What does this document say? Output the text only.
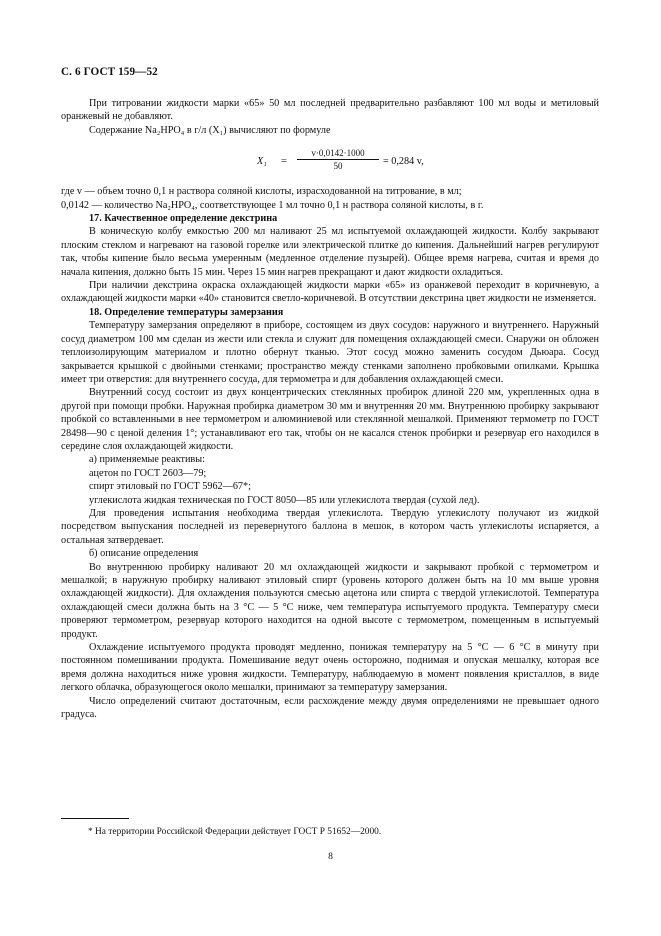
С. 6 ГОСТ 159—52

При титровании жидкости марки «65» 50 мл последней предварительно разбавляют 100 мл воды и метиловый оранжевый не добавляют.

Содержание Na₂HPO₄ в г/л (X₁) вычисляют по формуле

$X_1 = \frac{v\cdot 0,0142\cdot 1000}{50} = 0,284$ v,

где v — объем точно 0,1 н раствора соляной кислоты, израсходованной на титрование, в мл;

0,0142 — количество Na₂HPO₄, соответствующее 1 мл точно 0,1 н раствора соляной кислоты, в г.

17. Качественное определение декстрина

В коническую колбу емкостью 200 мл наливают 25 мл испытуемой охлаждающей жидкости. Колбу закрывают плоским стеклом и нагревают на газовой горелке или электрической плитке до кипения. Дальнейший нагрев регулируют так, чтобы кипение было весьма умеренным (медленное отделение пузырей). Общее время нагрева, считая и время до начала кипения, должно быть 15 мин. Через 15 мин нагрев прекращают и дают жидкости охладиться.

При наличии декстрина окраска охлаждающей жидкости марки «65» из оранжевой переходит в коричневую, а охлаждающей жидкости марки «40» становится светло-коричневой. В отсутствии декстрина цвет жидкости не изменяется.

18. Определение температуры замерзания

Температуру замерзания определяют в приборе, состоящем из двух сосудов: наружного и внутреннего. Наружный сосуд диаметром 100 мм сделан из жести или стекла и служит для помещения охлаждающей смеси. Снаружи он обложен теплоизолирующим материалом и плотно обернут тканью. Этот сосуд можно заменить сосудом Дьюара. Сосуд закрывается крышкой с двойными стенками; пространство между стенками заполнено пробковыми опилками. Крышка имеет три отверстия: для внутреннего сосуда, для термометра и для добавления охлаждающей смеси.

Внутренний сосуд состоит из двух концентрических стеклянных пробирок длиной 220 мм, укрепленных одна в другой при помощи пробки. Наружная пробирка диаметром 30 мм и внутренняя 20 мм. Внутреннюю пробирку закрывают пробкой со вставленными в нее термометром и алюминиевой или стеклянной мешалкой. Применяют термометр по ГОСТ 28498—90 с ценой деления 1°; устанавливают его так, чтобы он не касался стенок пробирки и резервуар его находился в середине слоя охлаждающей жидкости.

а) применяемые реактивы:

ацетон по ГОСТ 2603—79;

спирт этиловый по ГОСТ 5962—67*;

углекислота жидкая техническая по ГОСТ 8050—85 или углекислота твердая (сухой лед).

Для проведения испытания необходима твердая углекислота. Твердую углекислоту получают из жидкой посредством выпускания последней из перевернутого баллона в мешок, в котором часть углекислоты испаряется, а остальная затвердевает.

б) описание определения

Во внутреннюю пробирку наливают 20 мл охлаждающей жидкости и закрывают пробкой с термометром и мешалкой; в наружную пробирку наливают этиловый спирт (уровень которого должен быть на 10 мм выше уровня охлаждающей жидкости). Для охлаждения пользуются смесью ацетона или спирта с твердой углекислотой. Температура охлаждающей смеси должна быть на 3 °С — 5 °С ниже, чем температура испытуемого продукта. Температуру смеси проверяют термометром, резервуар которого находится на одной высоте с термометром, помещенным в испытуемый продукт.

Охлаждение испытуемого продукта проводят медленно, понижая температуру на 5 °С — 6 °С в минуту при постоянном помешивании продукта. Помешивание ведут очень осторожно, поднимая и опуская мешалку, которая все время должна находиться ниже уровня жидкости. Температуру, наблюдаемую в момент появления кристаллов, в виде легкого облачка, образующегося около мешалки, принимают за температуру замерзания.

Число определений считают достаточным, если расхождение между двумя определениями не превышает одного градуса.

* На территории Российской Федерации действует ГОСТ Р 51652—2000.
8
